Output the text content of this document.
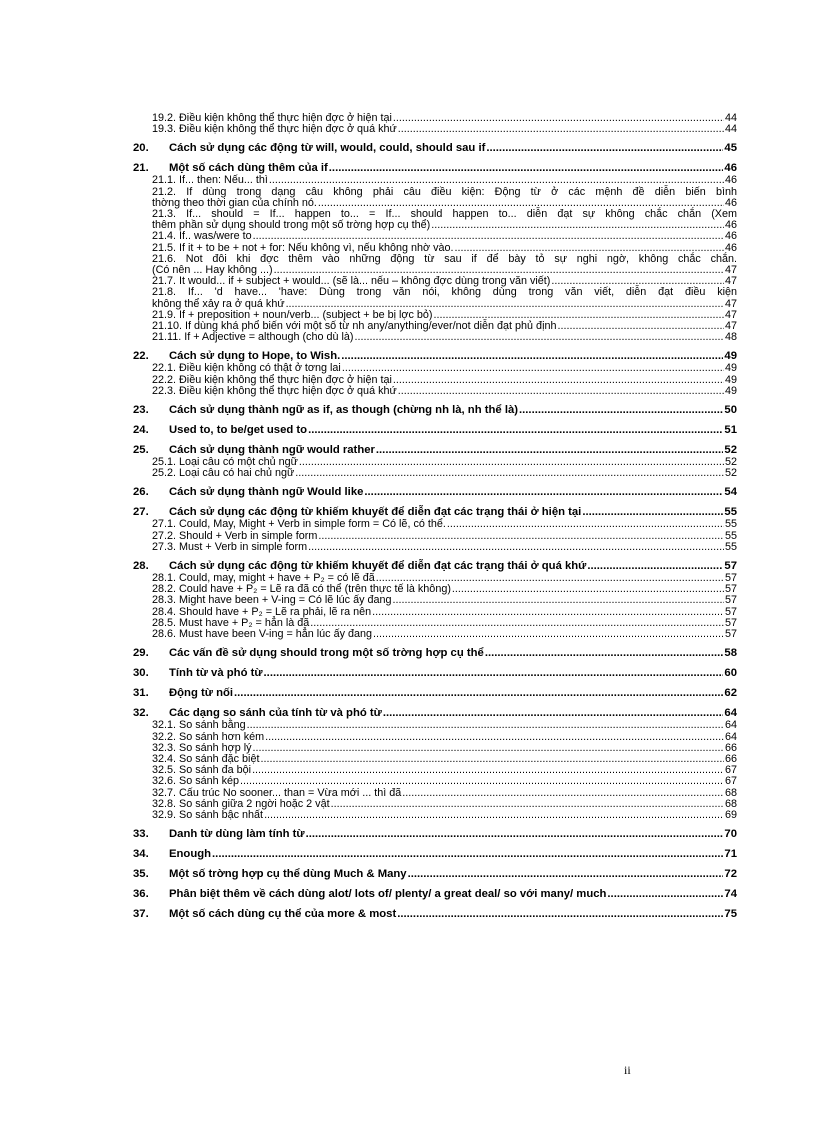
19.2. Điều kiện không thể thực hiện đợc ở hiện tại .....	44
19.3. Điều kiện không thể thực hiện đợc ở quá khứ .....	44
20.	Cách sử dụng các động từ will, would, could, should sau if .....	45
21.	Một số cách dùng thêm của if .....	46
21.1. If... then: Nếu... thì .....	46
21.2. If dùng trong dạng câu không phải câu điều kiện: Động từ ở các mệnh đề diễn biến bình
thờng theo thời gian của chính nó. .....	46
21.3. If... should = If... happen to... = If... should happen to... diễn đạt sự không chắc chắn (Xem
thêm phần sử dụng should trong một số trờng hợp cụ thể) .....	46
21.4. If.. was/were to .....	46
21.5. If it + to be + not + for: Nếu không vì, nếu không nhờ vào. .....	46
21.6. Not đôi khi đợc thêm vào những động từ sau if để bày tỏ sự nghi ngờ, không chắc chắn.
(Có nên ... Hay không ...) .....	47
21.7. It would... if + subject + would... (sẽ là... nếu – không đợc dùng trong văn viết) .....	47
21.8. If... 'd have... 'have: Dùng trong văn nói, không dùng trong văn viết, diễn đạt điều kiện
không thể xảy ra ở quá khứ .....	47
21.9. If + preposition + noun/verb... (subject + be bị lợc bỏ) .....	47
21.10. If dùng khá phổ biến với một số từ nh any/anything/ever/not diễn đạt phủ định .....	47
21.11. If + Adjective = although (cho dù là) .....	48
22.	Cách sử dụng to Hope, to Wish. .....	49
22.1. Điều kiện không có thật ở tơng lai .....	49
22.2. Điều kiện không thể thực hiện đợc ở hiện tại .....	49
22.3. Điều kiện không thể thực hiện đợc ở quá khứ .....	49
23.	Cách sử dụng thành ngữ as if, as though (chừng nh là, nh thể là) .....	50
24.	Used to, to be/get used to .....	51
25.	Cách sử dụng thành ngữ would rather .....	52
25.1. Loại câu có một chủ ngữ .....	52
25.2. Loại câu có hai chủ ngữ .....	52
26.	Cách sử dụng thành ngữ Would like .....	54
27.	Cách sử dụng các động từ khiếm khuyết để diễn đạt các trạng thái ở hiện tại .....	55
27.1. Could, May, Might + Verb in simple form = Có lẽ, có thể. .....	55
27.2. Should + Verb in simple form .....	55
27.3. Must + Verb in simple form .....	55
28.	Cách sử dụng các động từ khiếm khuyết để diễn đạt các trạng thái ở quá khứ .....	57
28.1. Could, may, might + have + P₂ = có lẽ đã .....	57
28.2. Could have + P₂ = Lẽ ra đã có thể (trên thực tế là không) .....	57
28.3. Might have been + V-ing = Có lẽ lúc ấy đang .....	57
28.4. Should have + P₂ = Lẽ ra phải, lẽ ra nên .....	57
28.5. Must have + P₂ = hẳn là đã .....	57
28.6. Must have been V-ing = hẳn lúc ấy đang .....	57
29.	Các vấn đề sử dụng should trong một số trờng hợp cụ thể .....	58
30.	Tính từ và phó từ .....	60
31.	Động từ nối .....	62
32.	Các dạng so sánh của tính từ và phó từ .....	64
32.1. So sánh bằng .....	64
32.2. So sánh hơn kém .....	64
32.3. So sánh hợp lý .....	66
32.4. So sánh đặc biệt .....	66
32.5. So sánh đa bội .....	67
32.6. So sánh kép .....	67
32.7. Cấu trúc No sooner... than = Vừa mới ... thì đã .....	68
32.8. So sánh giữa 2 ngời hoặc 2 vật .....	68
32.9. So sánh bậc nhất .....	69
33.	Danh từ dùng làm tính từ .....	70
34.	Enough .....	71
35.	Một số trờng hợp cụ thể dùng Much & Many .....	72
36.	Phân biệt thêm về cách dùng alot/ lots of/ plenty/ a great deal/ so với many/ much .....	74
37.	Một số cách dùng cụ thể của more & most .....	75
ii
